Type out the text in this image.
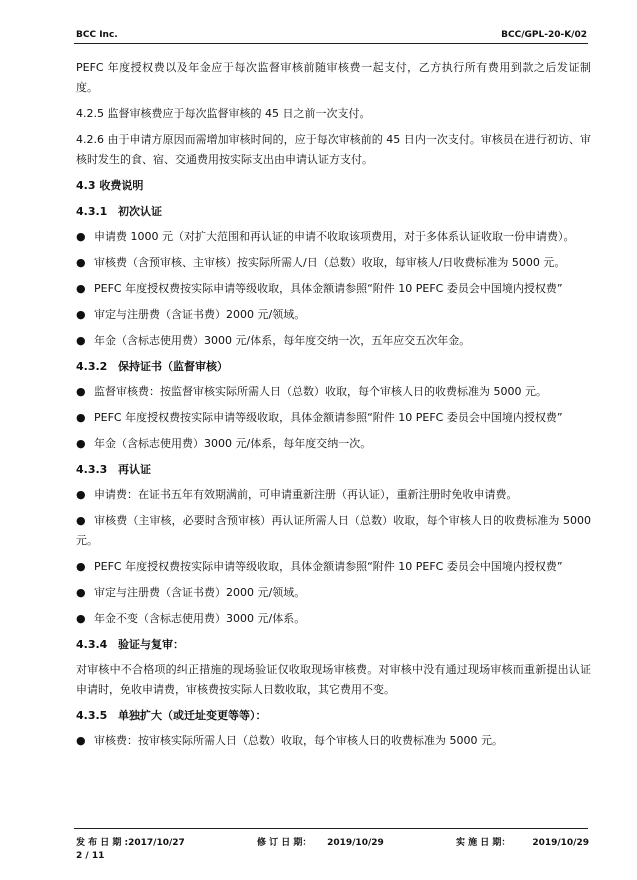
BCC Inc.	BCC/GPL-20-K/02

PEFC 年度授权费以及年金应于每次监督审核前随审核费一起支付，乙方执行所有费用到款之后发证制度。

4.2.5 监督审核费应于每次监督审核的 45 日之前一次支付。

4.2.6 由于申请方原因而需增加审核时间的，应于每次审核前的 45 日内一次支付。审核员在进行初访、审核时发生的食、宿、交通费用按实际支出由申请认证方支付。

4.3 收费说明
4.3.1 初次认证

● 申请费 1000 元（对扩大范围和再认证的申请不收取该项费用，对于多体系认证收取一份申请费）。

● 审核费（含预审核、主审核）按实际所需人/日（总数）收取，每审核人/日收费标准为 5000 元。

● PEFC 年度授权费按实际申请等级收取，具体金额请参照“附件 10 PEFC 委员会中国境内授权费”

● 审定与注册费（含证书费）2000 元/领域。

● 年金（含标志使用费）3000 元/体系，每年度交纳一次，五年应交五次年金。

4.3.2 保持证书（监督审核）

● 监督审核费：按监督审核实际所需人日（总数）收取，每个审核人日的收费标准为 5000 元。

● PEFC 年度授权费按实际申请等级收取，具体金额请参照“附件 10 PEFC 委员会中国境内授权费”

● 年金（含标志使用费）3000 元/体系，每年度交纳一次。

4.3.3 再认证

● 申请费：在证书五年有效期满前，可申请重新注册（再认证），重新注册时免收申请费。

● 审核费（主审核，必要时含预审核）再认证所需人日（总数）收取，每个审核人日的收费标准为 5000 元。

● PEFC 年度授权费按实际申请等级收取，具体金额请参照“附件 10 PEFC 委员会中国境内授权费”

● 审定与注册费（含证书费）2000 元/领域。

● 年金不变（含标志使用费）3000 元/体系。

4.3.4 验证与复审：

对审核中不合格项的纠正措施的现场验证仅收取现场审核费。对审核中没有通过现场审核而重新提出认证申请时，免收申请费，审核费按实际人日数收取，其它费用不变。

4.3.5 单独扩大（或迁址变更等等）：

● 审核费：按审核实际所需人日（总数）收取，每个审核人日的收费标准为 5000 元。

发 布 日 期 :2017/10/27	修 订 日 期： 2019/10/29	实 施 日 期： 2019/10/29
2 / 11
